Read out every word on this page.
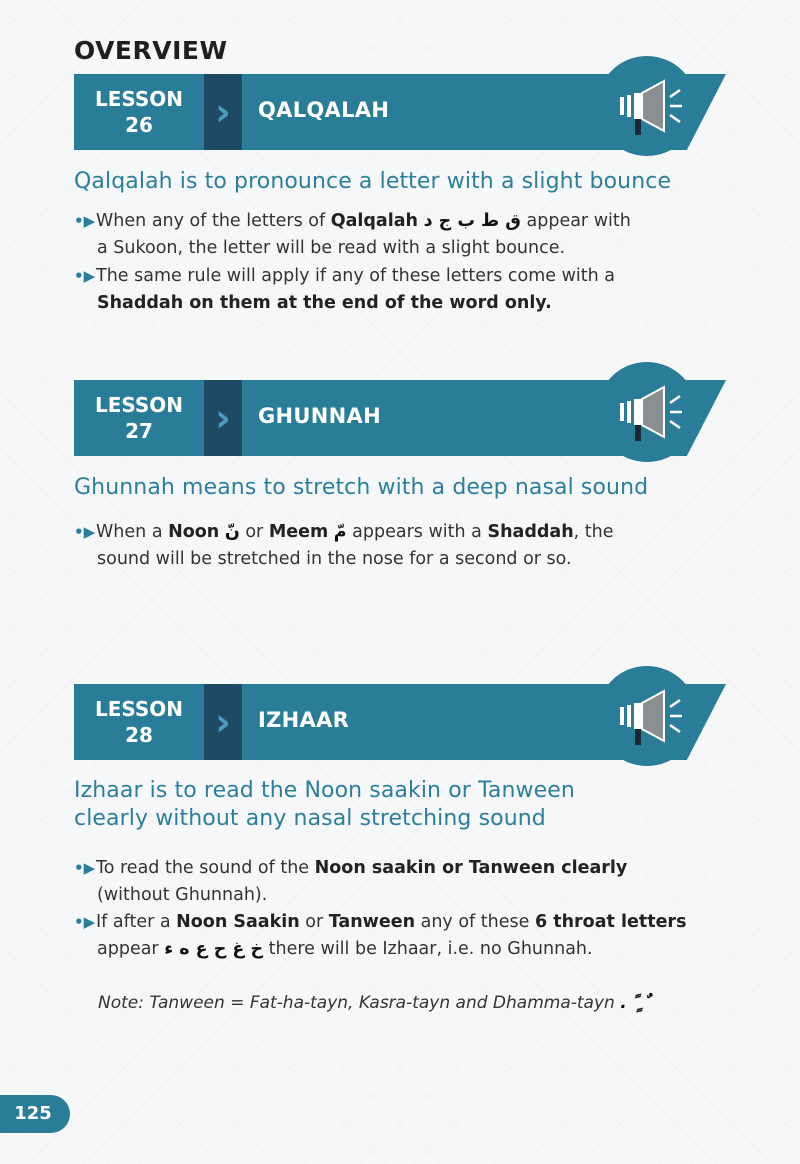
OVERVIEW
LESSON
26 › QALQALAH
Qalqalah is to pronounce a letter with a slight bounce
•▶When any of the letters of Qalqalah ق ط ب ج د appear with
a Sukoon, the letter will be read with a slight bounce.
•▶The same rule will apply if any of these letters come with a
Shaddah on them at the end of the word only.
LESSON
27 › GHUNNAH
Ghunnah means to stretch with a deep nasal sound
•▶When a Noon نّ or Meem مّ appears with a Shaddah, the
sound will be stretched in the nose for a second or so.
LESSON
28 › IZHAAR
Izhaar is to read the Noon saakin or Tanween
clearly without any nasal stretching sound
•▶To read the sound of the Noon saakin or Tanween clearly
(without Ghunnah).
•▶If after a Noon Saakin or Tanween any of these 6 throat letters
appear خ غ ح ع ه ء there will be Izhaar, i.e. no Ghunnah.
Note: Tanween = Fat-ha-tayn, Kasra-tayn and Dhamma-tayn ٌ ٍ ً .
125
